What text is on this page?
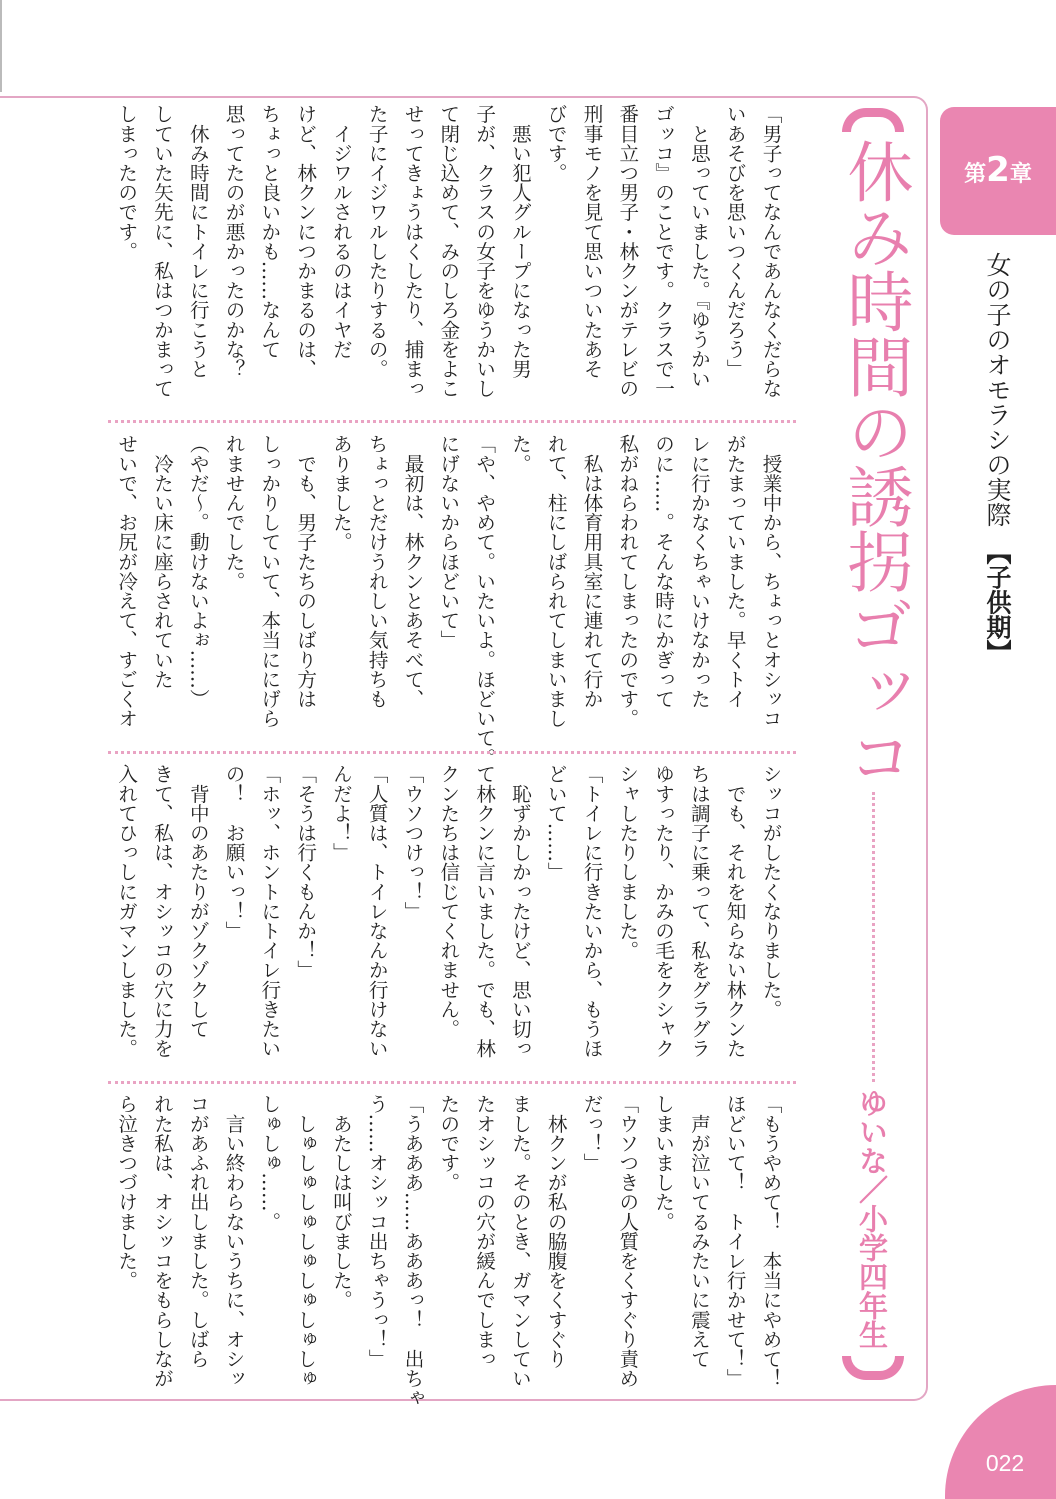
「男子ってなんであんなくだらな
いあそびを思いつくんだろう」
　と思っていました。『ゆうかい
ゴッコ』のことです。クラスで一
番目立つ男子・林クンがテレビの
刑事モノを見て思いついたあそ
びです。
　悪い犯人グループになった男
子が、クラスの女子をゆうかいし
て閉じ込めて、みのしろ金をよこ
せってきょうはくしたり、捕まっ
た子にイジワルしたりするの。
　イジワルされるのはイヤだ
けど、林クンにつかまるのは、
ちょっと良いかも……なんて
思ってたのが悪かったのかな？
　休み時間にトイレに行こうと
していた矢先に、私はつかまって
しまったのです。
　授業中から、ちょっとオシッコ
がたまっていました。早くトイ
レに行かなくちゃいけなかった
のに……。そんな時にかぎって
私がねらわれてしまったのです。
　私は体育用具室に連れて行か
れて、柱にしばられてしまいまし
た。
「や、やめて。いたいよ。ほどいて。
にげないからほどいて」
　最初は、林クンとあそべて、
ちょっとだけうれしい気持ちも
ありました。
　でも、男子たちのしばり方は
しっかりしていて、本当ににげら
れませんでした。
（やだ～。動けないよぉ……）
　冷たい床に座らされていた
せいで、お尻が冷えて、すごくオ
シッコがしたくなりました。
　でも、それを知らない林クンた
ちは調子に乗って、私をグラグラ
ゆすったり、かみの毛をクシャク
シャしたりしました。
「トイレに行きたいから、もうほ
どいて……」
　恥ずかしかったけど、思い切っ
て林クンに言いました。でも、林
クンたちは信じてくれません。
「ウソつけっ！」
「人質は、トイレなんか行けない
んだよ！」
「そうは行くもんか！」
「ホッ、ホントにトイレ行きたい
の！　お願いっ！」
　背中のあたりがゾクゾクして
きて、私は、オシッコの穴に力を
入れてひっしにガマンしました。
「もうやめて！　本当にやめて！
ほどいて！　トイレ行かせて！」
　声が泣いてるみたいに震えて
しまいました。
「ウソつきの人質をくすぐり責め
だっ！」
　林クンが私の脇腹をくすぐり
ました。そのとき、ガマンしてい
たオシッコの穴が緩んでしまっ
たのです。
「うあああ……あああっ！　出ちゃ
う……オシッコ出ちゃうっ！」
　あたしは叫びました。
　しゅしゅしゅしゅしゅしゅしゅ
しゅしゅ……。
　言い終わらないうちに、オシッ
コがあふれ出しました。しばら
れた私は、オシッコをもらしなが
ら泣きつづけました。
休み時間の誘拐ゴッコ
ゆいな／小学四年生
第2章
女の子のオモラシの実際　【子供期】
022
